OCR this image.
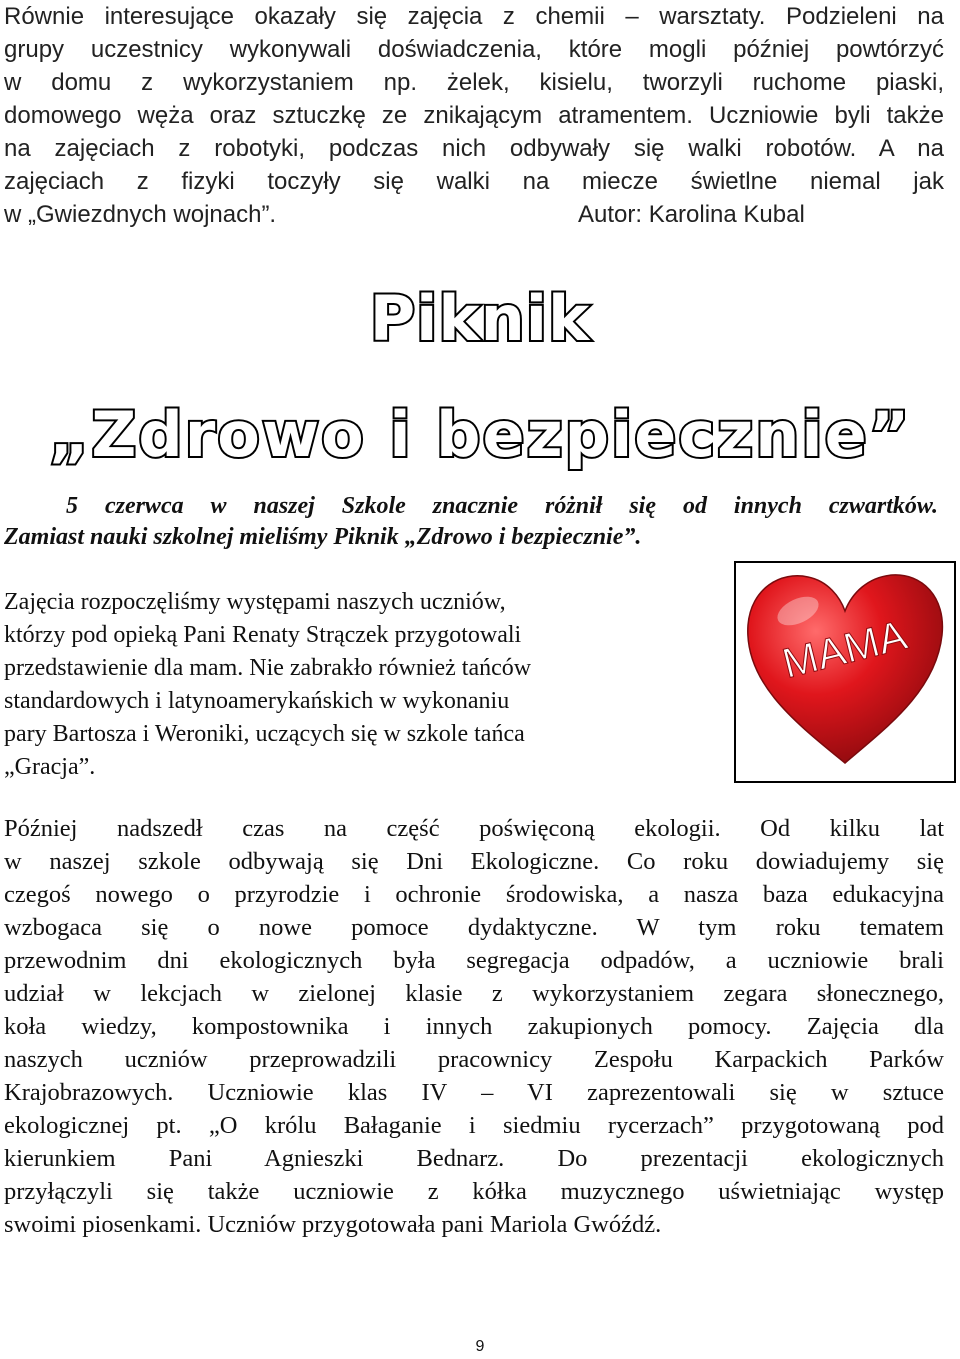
Równie interesujące okazały się zajęcia z chemii – warsztaty. Podzieleni na
grupy uczestnicy wykonywali doświadczenia, które mogli później powtórzyć
w domu z wykorzystaniem np. żelek, kisielu, tworzyli ruchome piaski,
domowego węża oraz sztuczkę ze znikającym atramentem. Uczniowie byli także
na zajęciach z robotyki, podczas nich odbywały się walki robotów. A na
zajęciach z fizyki toczyły się walki na miecze świetlne niemal jak
w „Gwiezdnych wojnach”.	Autor: Karolina Kubal
Piknik
„Zdrowo i bezpiecznie”
5 czerwca w naszej Szkole znacznie różnił się od innych czwartków.
Zamiast nauki szkolnej mieliśmy Piknik „Zdrowo i bezpiecznie”.
Zajęcia rozpoczęliśmy występami naszych uczniów,
którzy pod opieką Pani Renaty Strączek przygotowali
przedstawienie dla mam. Nie zabrakło również tańców
standardowych i latynoamerykańskich w wykonaniu
pary Bartosza i Weroniki, uczących się w szkole tańca
„Gracja”.
MAMA
Później nadszedł czas na część poświęconą ekologii. Od kilku lat
w naszej szkole odbywają się Dni Ekologiczne. Co roku dowiadujemy się
czegoś nowego o przyrodzie i ochronie środowiska, a nasza baza edukacyjna
wzbogaca się o nowe pomoce dydaktyczne. W tym roku tematem
przewodnim dni ekologicznych była segregacja odpadów, a uczniowie brali
udział w lekcjach w zielonej klasie z wykorzystaniem zegara słonecznego,
koła wiedzy, kompostownika i innych zakupionych pomocy. Zajęcia dla
naszych uczniów przeprowadzili pracownicy Zespołu Karpackich Parków
Krajobrazowych. Uczniowie klas IV – VI zaprezentowali się w sztuce
ekologicznej pt. „O królu Bałaganie i siedmiu rycerzach” przygotowaną pod
kierunkiem Pani Agnieszki Bednarz. Do prezentacji ekologicznych
przyłączyli się także uczniowie z kółka muzycznego uświetniając występ
swoimi piosenkami. Uczniów przygotowała pani Mariola Gwóźdź.
9
